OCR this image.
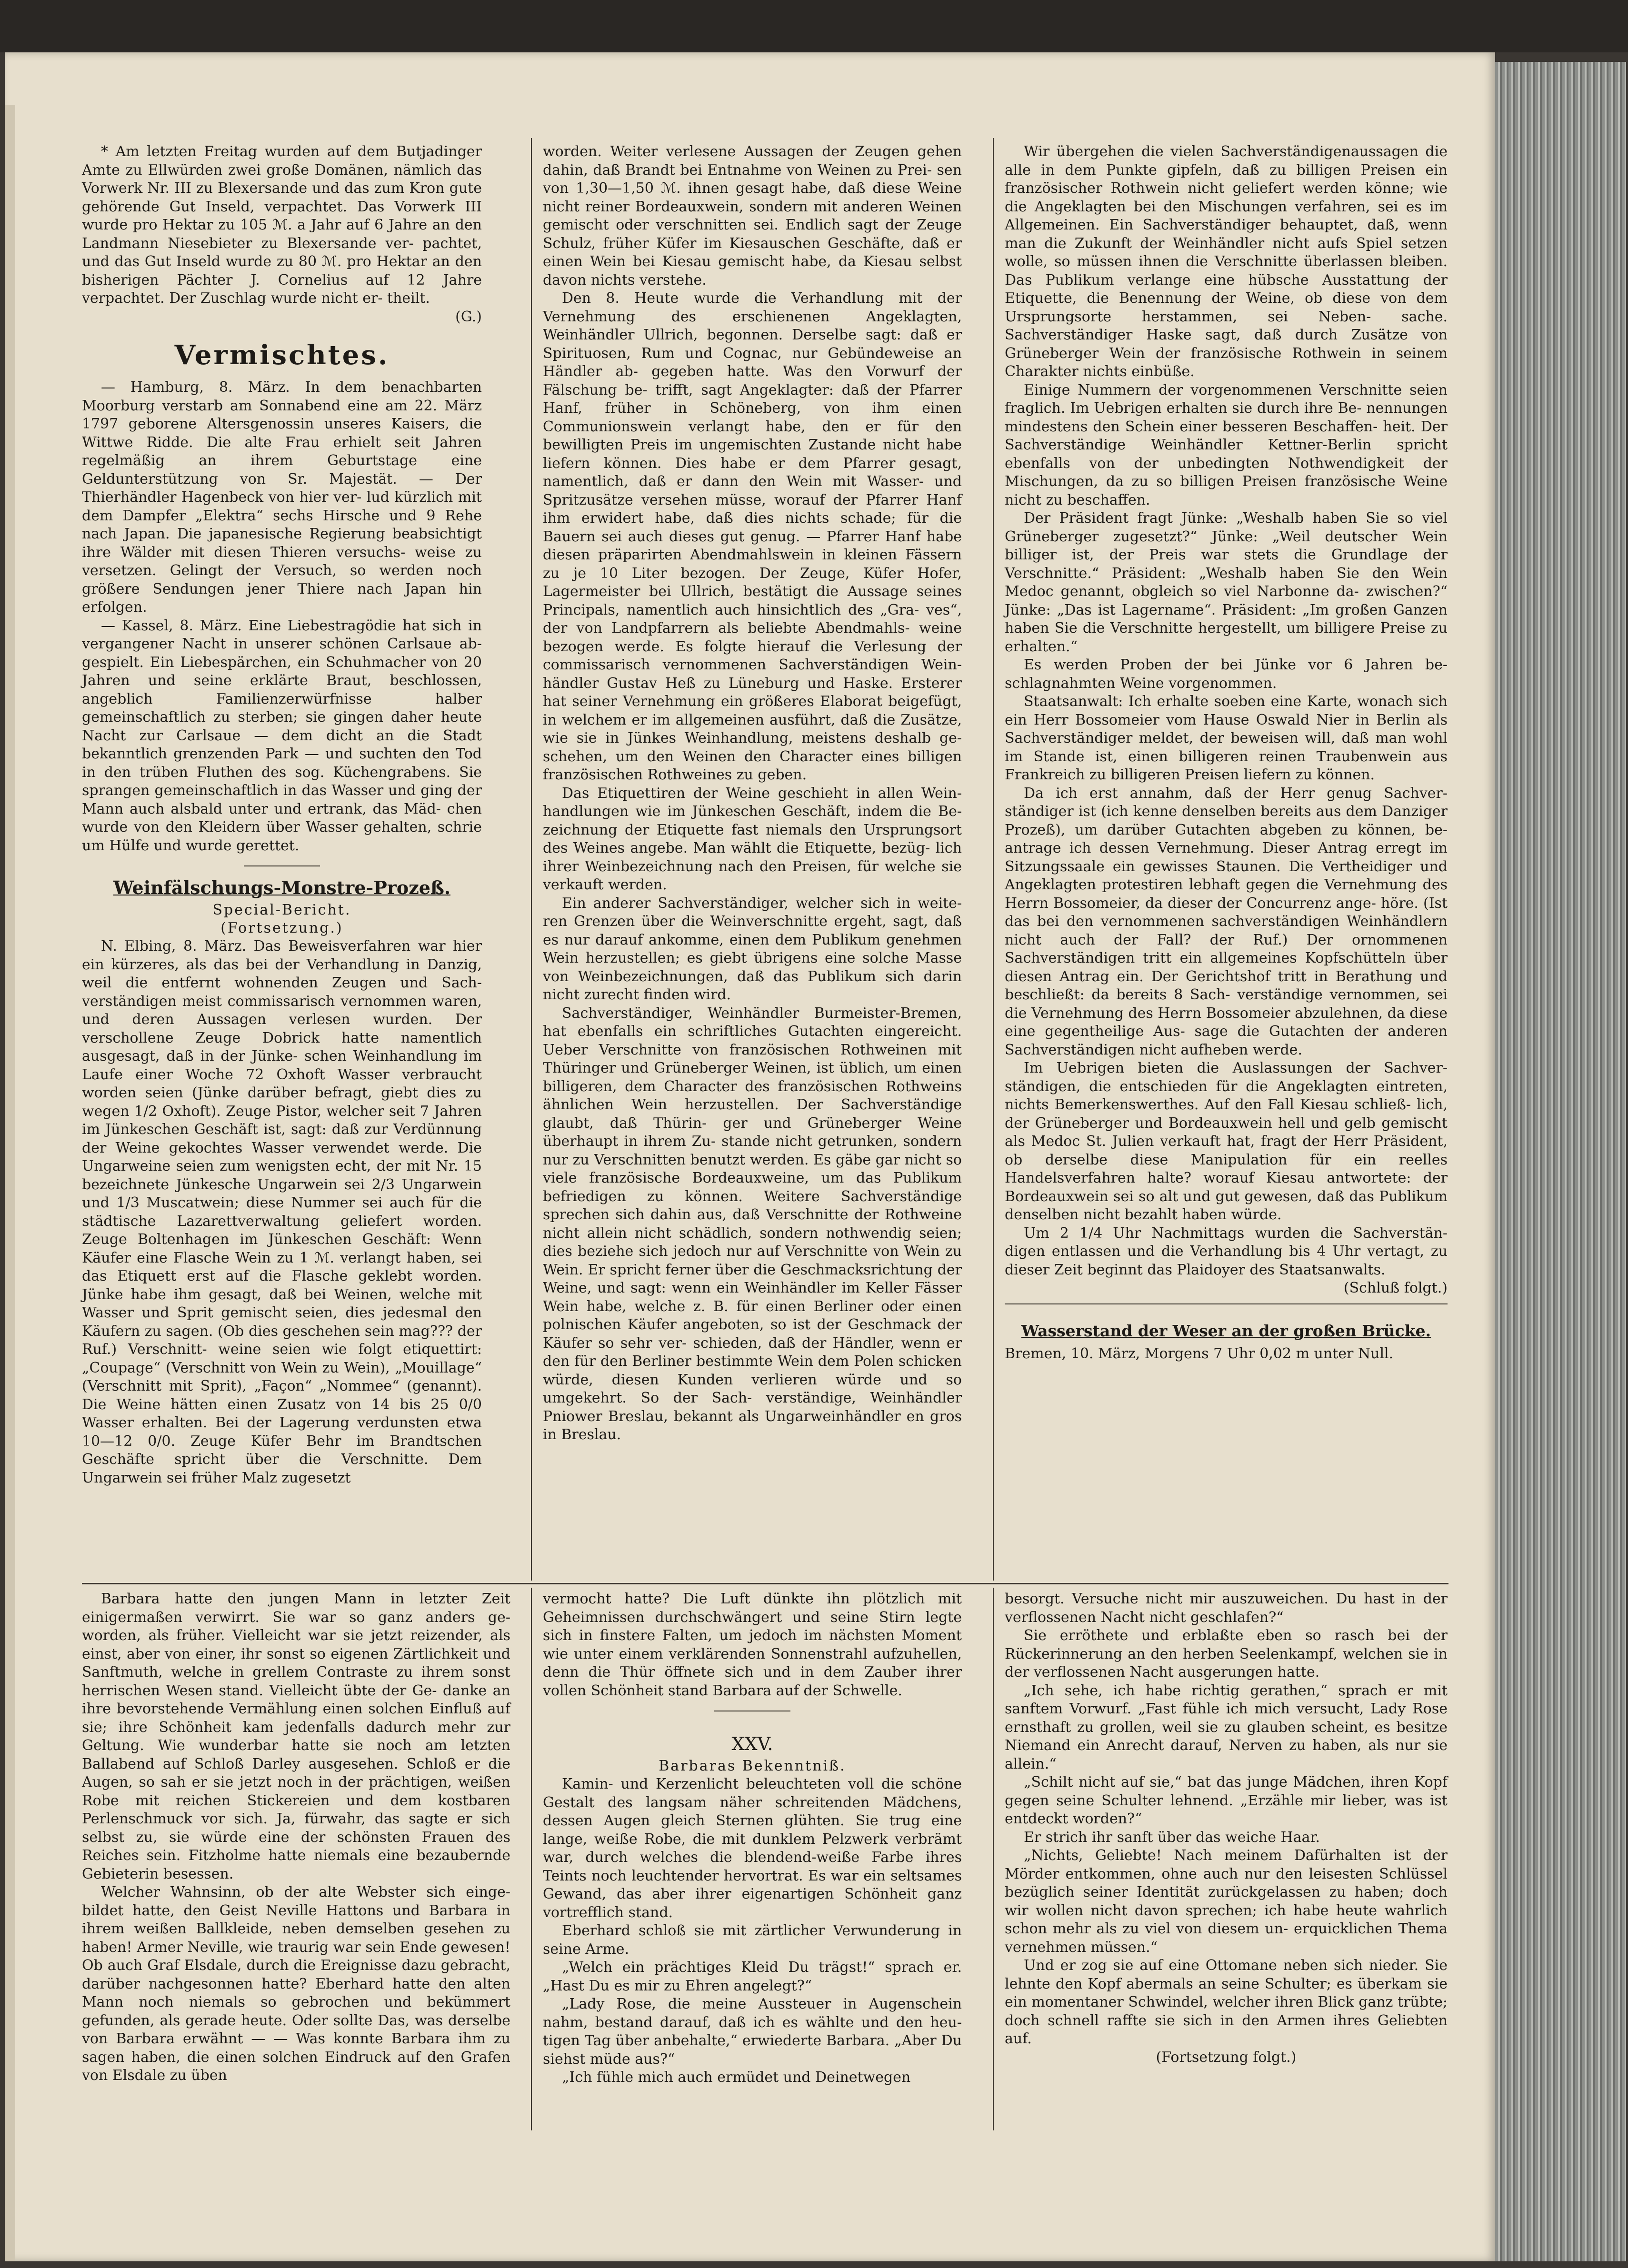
* Am letzten Freitag wurden auf dem Butjadinger Amte zu Ellwürden zwei große Domänen, nämlich das Vorwerk Nr. III zu Blexersande und das zum Kron gute gehörende Gut Inseld, verpachtet. Das Vorwerk III wurde pro Hektar zu 105 ℳ. a Jahr auf 6 Jahre an den Landmann Niesebieter zu Blexersande ver- pachtet, und das Gut Inseld wurde zu 80 ℳ. pro Hektar an den bisherigen Pächter J. Cornelius auf 12 Jahre verpachtet. Der Zuschlag wurde nicht er- theilt.

(G.)

Vermischtes.

— Hamburg, 8. März. In dem benachbarten Moorburg verstarb am Sonnabend eine am 22. März 1797 geborene Altersgenossin unseres Kaisers, die Wittwe Ridde. Die alte Frau erhielt seit Jahren regelmäßig an ihrem Geburtstage eine Geldunterstützung von Sr. Majestät. — Der Thierhändler Hagenbeck von hier ver- lud kürzlich mit dem Dampfer „Elektra“ sechs Hirsche und 9 Rehe nach Japan. Die japanesische Regierung beabsichtigt ihre Wälder mit diesen Thieren versuchs- weise zu versetzen. Gelingt der Versuch, so werden noch größere Sendungen jener Thiere nach Japan hin erfolgen.

— Kassel, 8. März. Eine Liebestragödie hat sich in vergangener Nacht in unserer schönen Carlsaue ab- gespielt. Ein Liebespärchen, ein Schuhmacher von 20 Jahren und seine erklärte Braut, beschlossen, angeblich Familienzerwürfnisse halber gemeinschaftlich zu sterben; sie gingen daher heute Nacht zur Carlsaue — dem dicht an die Stadt bekanntlich grenzenden Park — und suchten den Tod in den trüben Fluthen des sog. Küchengrabens. Sie sprangen gemeinschaftlich in das Wasser und ging der Mann auch alsbald unter und ertrank, das Mäd- chen wurde von den Kleidern über Wasser gehalten, schrie um Hülfe und wurde gerettet.

Weinfälschungs-Monstre-Prozeß.
Special-Bericht.
(Fortsetzung.)

N. Elbing, 8. März. Das Beweisverfahren war hier ein kürzeres, als das bei der Verhandlung in Danzig, weil die entfernt wohnenden Zeugen und Sach- verständigen meist commissarisch vernommen waren, und deren Aussagen verlesen wurden. Der verschollene Zeuge Dobrick hatte namentlich ausgesagt, daß in der Jünke- schen Weinhandlung im Laufe einer Woche 72 Oxhoft Wasser verbraucht worden seien (Jünke darüber befragt, giebt dies zu wegen 1/2 Oxhoft). Zeuge Pistor, welcher seit 7 Jahren im Jünkeschen Geschäft ist, sagt: daß zur Verdünnung der Weine gekochtes Wasser verwendet werde. Die Ungarweine seien zum wenigsten echt, der mit Nr. 15 bezeichnete Jünkesche Ungarwein sei 2/3 Ungarwein und 1/3 Muscatwein; diese Nummer sei auch für die städtische Lazarettverwaltung geliefert worden. Zeuge Boltenhagen im Jünkeschen Geschäft: Wenn Käufer eine Flasche Wein zu 1 ℳ. verlangt haben, sei das Etiquett erst auf die Flasche geklebt worden. Jünke habe ihm gesagt, daß bei Weinen, welche mit Wasser und Sprit gemischt seien, dies jedesmal den Käufern zu sagen. (Ob dies geschehen sein mag??? der Ruf.) Verschnitt- weine seien wie folgt etiquettirt: „Coupage“ (Verschnitt von Wein zu Wein), „Mouillage“ (Verschnitt mit Sprit), „Façon“ „Nommee“ (genannt). Die Weine hätten einen Zusatz von 14 bis 25 0/0 Wasser erhalten. Bei der Lagerung verdunsten etwa 10—12 0/0. Zeuge Küfer Behr im Brandtschen Geschäfte spricht über die Verschnitte. Dem Ungarwein sei früher Malz zugesetzt

worden. Weiter verlesene Aussagen der Zeugen gehen dahin, daß Brandt bei Entnahme von Weinen zu Prei- sen von 1,30—1,50 ℳ. ihnen gesagt habe, daß diese Weine nicht reiner Bordeauxwein, sondern mit anderen Weinen gemischt oder verschnitten sei. Endlich sagt der Zeuge Schulz, früher Küfer im Kiesauschen Geschäfte, daß er einen Wein bei Kiesau gemischt habe, da Kiesau selbst davon nichts verstehe.

Den 8. Heute wurde die Verhandlung mit der Vernehmung des erschienenen Angeklagten, Weinhändler Ullrich, begonnen. Derselbe sagt: daß er Spirituosen, Rum und Cognac, nur Gebündeweise an Händler ab- gegeben hatte. Was den Vorwurf der Fälschung be- trifft, sagt Angeklagter: daß der Pfarrer Hanf, früher in Schöneberg, von ihm einen Communionswein verlangt habe, den er für den bewilligten Preis im ungemischten Zustande nicht habe liefern können. Dies habe er dem Pfarrer gesagt, namentlich, daß er dann den Wein mit Wasser- und Spritzusätze versehen müsse, worauf der Pfarrer Hanf ihm erwidert habe, daß dies nichts schade; für die Bauern sei auch dieses gut genug. — Pfarrer Hanf habe diesen präparirten Abendmahlswein in kleinen Fässern zu je 10 Liter bezogen. Der Zeuge, Küfer Hofer, Lagermeister bei Ullrich, bestätigt die Aussage seines Principals, namentlich auch hinsichtlich des „Gra- ves“, der von Landpfarrern als beliebte Abendmahls- weine bezogen werde. Es folgte hierauf die Verlesung der commissarisch vernommenen Sachverständigen Wein- händler Gustav Heß zu Lüneburg und Haske. Ersterer hat seiner Vernehmung ein größeres Elaborat beigefügt, in welchem er im allgemeinen ausführt, daß die Zusätze, wie sie in Jünkes Weinhandlung, meistens deshalb ge- schehen, um den Weinen den Character eines billigen französischen Rothweines zu geben.

Das Etiquettiren der Weine geschieht in allen Wein- handlungen wie im Jünkeschen Geschäft, indem die Be- zeichnung der Etiquette fast niemals den Ursprungsort des Weines angebe. Man wählt die Etiquette, bezüg- lich ihrer Weinbezeichnung nach den Preisen, für welche sie verkauft werden.

Ein anderer Sachverständiger, welcher sich in weite- ren Grenzen über die Weinverschnitte ergeht, sagt, daß es nur darauf ankomme, einen dem Publikum genehmen Wein herzustellen; es giebt übrigens eine solche Masse von Weinbezeichnungen, daß das Publikum sich darin nicht zurecht finden wird.

Sachverständiger, Weinhändler Burmeister-Bremen, hat ebenfalls ein schriftliches Gutachten eingereicht. Ueber Verschnitte von französischen Rothweinen mit Thüringer und Grüneberger Weinen, ist üblich, um einen billigeren, dem Character des französischen Rothweins ähnlichen Wein herzustellen. Der Sachverständige glaubt, daß Thürin- ger und Grüneberger Weine überhaupt in ihrem Zu- stande nicht getrunken, sondern nur zu Verschnitten benutzt werden. Es gäbe gar nicht so viele französische Bordeauxweine, um das Publikum befriedigen zu können. Weitere Sachverständige sprechen sich dahin aus, daß Verschnitte der Rothweine nicht allein nicht schädlich, sondern nothwendig seien; dies beziehe sich jedoch nur auf Verschnitte von Wein zu Wein. Er spricht ferner über die Geschmacksrichtung der Weine, und sagt: wenn ein Weinhändler im Keller Fässer Wein habe, welche z. B. für einen Berliner oder einen polnischen Käufer angeboten, so ist der Geschmack der Käufer so sehr ver- schieden, daß der Händler, wenn er den für den Berliner bestimmte Wein dem Polen schicken würde, diesen Kunden verlieren würde und so umgekehrt. So der Sach- verständige, Weinhändler Pniower Breslau, bekannt als Ungarweinhändler en gros in Breslau.

Wir übergehen die vielen Sachverständigenaussagen die alle in dem Punkte gipfeln, daß zu billigen Preisen ein französischer Rothwein nicht geliefert werden könne; wie die Angeklagten bei den Mischungen verfahren, sei es im Allgemeinen. Ein Sachverständiger behauptet, daß, wenn man die Zukunft der Weinhändler nicht aufs Spiel setzen wolle, so müssen ihnen die Verschnitte überlassen bleiben. Das Publikum verlange eine hübsche Ausstattung der Etiquette, die Benennung der Weine, ob diese von dem Ursprungsorte herstammen, sei Neben- sache. Sachverständiger Haske sagt, daß durch Zusätze von Grüneberger Wein der französische Rothwein in seinem Charakter nichts einbüße.

Einige Nummern der vorgenommenen Verschnitte seien fraglich. Im Uebrigen erhalten sie durch ihre Be- nennungen mindestens den Schein einer besseren Beschaffen- heit. Der Sachverständige Weinhändler Kettner-Berlin spricht ebenfalls von der unbedingten Nothwendigkeit der Mischungen, da zu so billigen Preisen französische Weine nicht zu beschaffen.

Der Präsident fragt Jünke: „Weshalb haben Sie so viel Grüneberger zugesetzt?“ Jünke: „Weil deutscher Wein billiger ist, der Preis war stets die Grundlage der Verschnitte.“ Präsident: „Weshalb haben Sie den Wein Medoc genannt, obgleich so viel Narbonne da- zwischen?“ Jünke: „Das ist Lagername“. Präsident: „Im großen Ganzen haben Sie die Verschnitte hergestellt, um billigere Preise zu erhalten.“

Es werden Proben der bei Jünke vor 6 Jahren be- schlagnahmten Weine vorgenommen.

Staatsanwalt: Ich erhalte soeben eine Karte, wonach sich ein Herr Bossomeier vom Hause Oswald Nier in Berlin als Sachverständiger meldet, der beweisen will, daß man wohl im Stande ist, einen billigeren reinen Traubenwein aus Frankreich zu billigeren Preisen liefern zu können.

Da ich erst annahm, daß der Herr genug Sachver- ständiger ist (ich kenne denselben bereits aus dem Danziger Prozeß), um darüber Gutachten abgeben zu können, be- antrage ich dessen Vernehmung. Dieser Antrag erregt im Sitzungssaale ein gewisses Staunen. Die Vertheidiger und Angeklagten protestiren lebhaft gegen die Vernehmung des Herrn Bossomeier, da dieser der Concurrenz ange- höre. (Ist das bei den vernommenen sachverständigen Weinhändlern nicht auch der Fall? der Ruf.) Der ornommenen Sachverständigen tritt ein allgemeines Kopfschütteln über diesen Antrag ein. Der Gerichtshof tritt in Berathung und beschließt: da bereits 8 Sach- verständige vernommen, sei die Vernehmung des Herrn Bossomeier abzulehnen, da diese eine gegentheilige Aus- sage die Gutachten der anderen Sachverständigen nicht aufheben werde.

Im Uebrigen bieten die Auslassungen der Sachver- ständigen, die entschieden für die Angeklagten eintreten, nichts Bemerkenswerthes. Auf den Fall Kiesau schließ- lich, der Grüneberger und Bordeauxwein hell und gelb gemischt als Medoc St. Julien verkauft hat, fragt der Herr Präsident, ob derselbe diese Manipulation für ein reelles Handelsverfahren halte? worauf Kiesau antwortete: der Bordeauxwein sei so alt und gut gewesen, daß das Publikum denselben nicht bezahlt haben würde.

Um 2 1/4 Uhr Nachmittags wurden die Sachverstän- digen entlassen und die Verhandlung bis 4 Uhr vertagt, zu dieser Zeit beginnt das Plaidoyer des Staatsanwalts.

(Schluß folgt.)

Wasserstand der Weser an der großen Brücke.

Bremen, 10. März, Morgens 7 Uhr 0,02 m unter Null.

Barbara hatte den jungen Mann in letzter Zeit einigermaßen verwirrt. Sie war so ganz anders ge- worden, als früher. Vielleicht war sie jetzt reizender, als einst, aber von einer, ihr sonst so eigenen Zärtlichkeit und Sanftmuth, welche in grellem Contraste zu ihrem sonst herrischen Wesen stand. Vielleicht übte der Ge- danke an ihre bevorstehende Vermählung einen solchen Einfluß auf sie; ihre Schönheit kam jedenfalls dadurch mehr zur Geltung. Wie wunderbar hatte sie noch am letzten Ballabend auf Schloß Darley ausgesehen. Schloß er die Augen, so sah er sie jetzt noch in der prächtigen, weißen Robe mit reichen Stickereien und dem kostbaren Perlenschmuck vor sich. Ja, fürwahr, das sagte er sich selbst zu, sie würde eine der schönsten Frauen des Reiches sein. Fitzholme hatte niemals eine bezaubernde Gebieterin besessen.

Welcher Wahnsinn, ob der alte Webster sich einge- bildet hatte, den Geist Neville Hattons und Barbara in ihrem weißen Ballkleide, neben demselben gesehen zu haben! Armer Neville, wie traurig war sein Ende gewesen! Ob auch Graf Elsdale, durch die Ereignisse dazu gebracht, darüber nachgesonnen hatte? Eberhard hatte den alten Mann noch niemals so gebrochen und bekümmert gefunden, als gerade heute. Oder sollte Das, was derselbe von Barbara erwähnt — — Was konnte Barbara ihm zu sagen haben, die einen solchen Eindruck auf den Grafen von Elsdale zu üben

vermocht hatte? Die Luft dünkte ihn plötzlich mit Geheimnissen durchschwängert und seine Stirn legte sich in finstere Falten, um jedoch im nächsten Moment wie unter einem verklärenden Sonnenstrahl aufzuhellen, denn die Thür öffnete sich und in dem Zauber ihrer vollen Schönheit stand Barbara auf der Schwelle.

XXV.
Barbaras Bekenntniß.

Kamin- und Kerzenlicht beleuchteten voll die schöne Gestalt des langsam näher schreitenden Mädchens, dessen Augen gleich Sternen glühten. Sie trug eine lange, weiße Robe, die mit dunklem Pelzwerk verbrämt war, durch welches die blendend-weiße Farbe ihres Teints noch leuchtender hervortrat. Es war ein seltsames Gewand, das aber ihrer eigenartigen Schönheit ganz vortrefflich stand.

Eberhard schloß sie mit zärtlicher Verwunderung in seine Arme.

„Welch ein prächtiges Kleid Du trägst!“ sprach er. „Hast Du es mir zu Ehren angelegt?“

„Lady Rose, die meine Aussteuer in Augenschein nahm, bestand darauf, daß ich es wählte und den heu- tigen Tag über anbehalte,“ erwiederte Barbara. „Aber Du siehst müde aus?“

„Ich fühle mich auch ermüdet und Deinetwegen

besorgt. Versuche nicht mir auszuweichen. Du hast in der verflossenen Nacht nicht geschlafen?“

Sie erröthete und erblaßte eben so rasch bei der Rückerinnerung an den herben Seelenkampf, welchen sie in der verflossenen Nacht ausgerungen hatte.

„Ich sehe, ich habe richtig gerathen,“ sprach er mit sanftem Vorwurf. „Fast fühle ich mich versucht, Lady Rose ernsthaft zu grollen, weil sie zu glauben scheint, es besitze Niemand ein Anrecht darauf, Nerven zu haben, als nur sie allein.“

„Schilt nicht auf sie,“ bat das junge Mädchen, ihren Kopf gegen seine Schulter lehnend. „Erzähle mir lieber, was ist entdeckt worden?“

Er strich ihr sanft über das weiche Haar.

„Nichts, Geliebte! Nach meinem Dafürhalten ist der Mörder entkommen, ohne auch nur den leisesten Schlüssel bezüglich seiner Identität zurückgelassen zu haben; doch wir wollen nicht davon sprechen; ich habe heute wahrlich schon mehr als zu viel von diesem un- erquicklichen Thema vernehmen müssen.“

Und er zog sie auf eine Ottomane neben sich nieder. Sie lehnte den Kopf abermals an seine Schulter; es überkam sie ein momentaner Schwindel, welcher ihren Blick ganz trübte; doch schnell raffte sie sich in den Armen ihres Geliebten auf.

(Fortsetzung folgt.)
